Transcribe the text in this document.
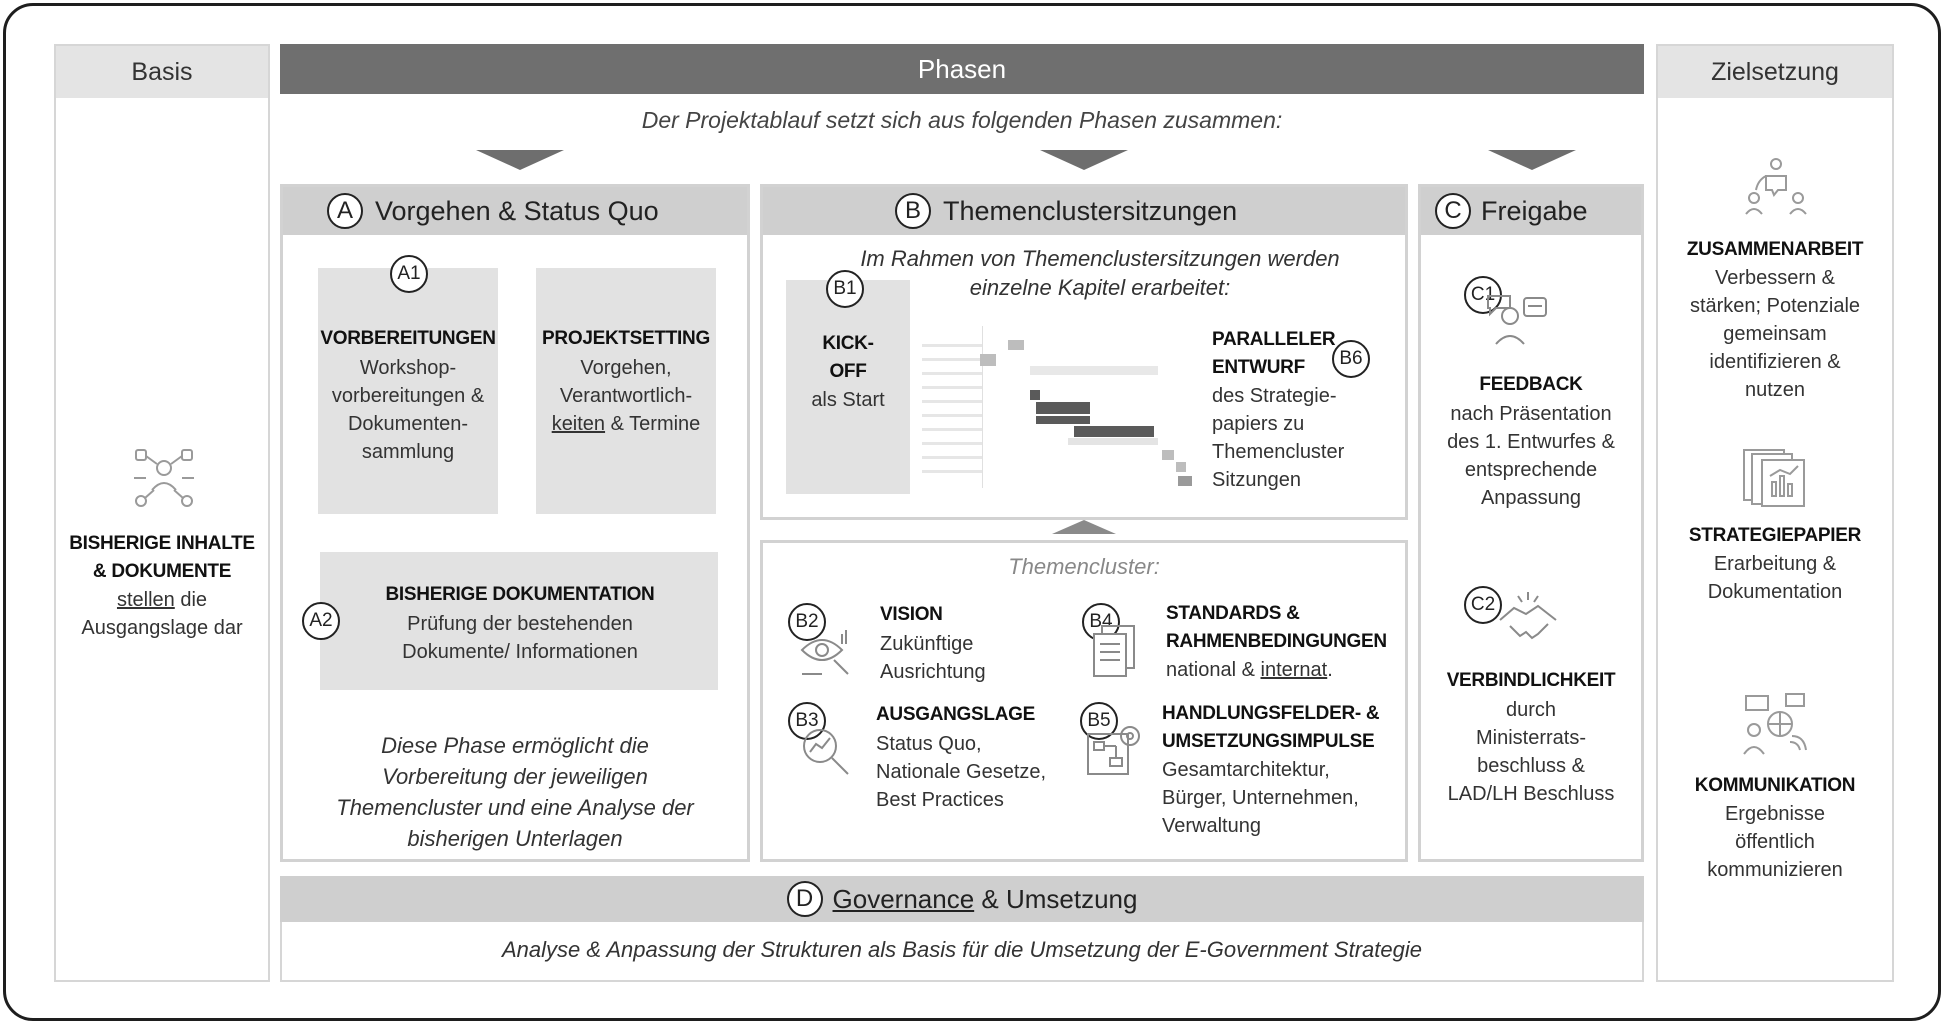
Basis
BISHERIGE INHALTE
& DOKUMENTE
stellen die
Ausgangslage dar
Phasen
Der Projektablauf setzt sich aus folgenden Phasen zusammen:
A Vorgehen & Status Quo
A1
VORBEREITUNGEN
Workshop-
vorbereitungen &
Dokumenten-
sammlung
PROJEKTSETTING
Vorgehen,
Verantwortlich-
keiten & Termine
A2
BISHERIGE DOKUMENTATION
Prüfung der bestehenden
Dokumente/ Informationen
Diese Phase ermöglicht die
Vorbereitung der jeweiligen
Themencluster und eine Analyse der
bisherigen Unterlagen
B Themenclustersitzungen
Im Rahmen von Themenclustersitzungen werden
einzelne Kapitel erarbeitet:
B1
KICK-
OFF
als Start
PARALLELER
ENTWURF
des Strategie-
papiers zu
Themencluster
Sitzungen
B6
Themencluster:
B2	VISION
Zukünftige
Ausrichtung
B3	AUSGANGSLAGE
Status Quo,
Nationale Gesetze,
Best Practices
B4	STANDARDS &
RAHMENBEDINGUNGEN
national & internat.
B5	HANDLUNGSFELDER- &
UMSETZUNGSIMPULSE
Gesamtarchitektur,
Bürger, Unternehmen,
Verwaltung
C Freigabe
C1
FEEDBACK
nach Präsentation
des 1. Entwurfes &
entsprechende
Anpassung
C2
VERBINDLICHKEIT
durch
Ministerrats-
beschluss &
LAD/LH Beschluss
D Governance & Umsetzung
Analyse & Anpassung der Strukturen als Basis für die Umsetzung der E-Government Strategie
Zielsetzung
ZUSAMMENARBEIT
Verbessern &
stärken; Potenziale
gemeinsam
identifizieren &
nutzen
STRATEGIEPAPIER
Erarbeitung &
Dokumentation
KOMMUNIKATION
Ergebnisse
öffentlich
kommunizieren
